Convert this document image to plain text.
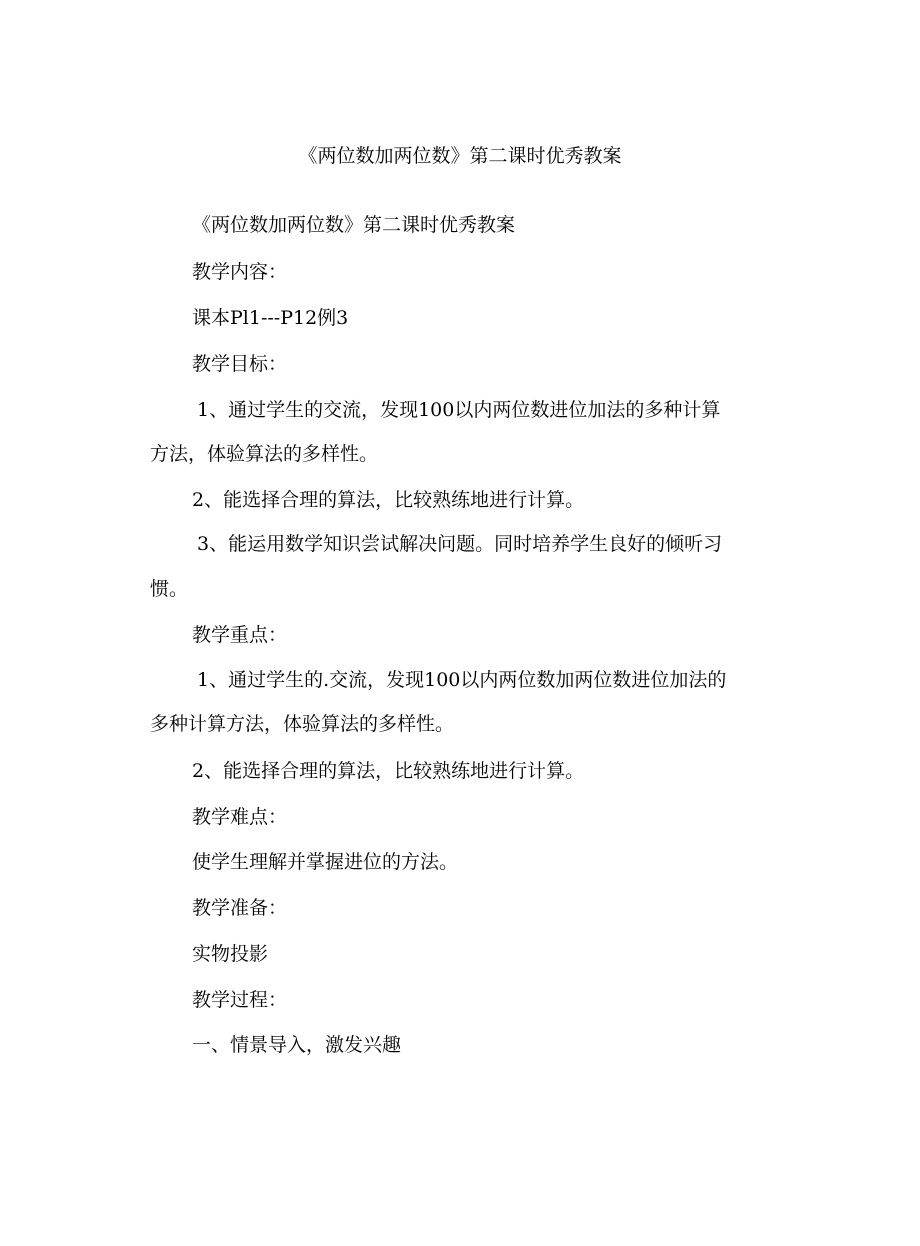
《两位数加两位数》第二课时优秀教案
《两位数加两位数》第二课时优秀教案
教学内容：
课本Pl1---P12例3
教学目标：
1、通过学生的交流，发现100以内两位数进位加法的多种计算
方法，体验算法的多样性。
2、能选择合理的算法，比较熟练地进行计算。
3、能运用数学知识尝试解决问题。同时培养学生良好的倾听习
惯。
教学重点：
1、通过学生的.交流，发现100以内两位数加两位数进位加法的
多种计算方法，体验算法的多样性。
2、能选择合理的算法，比较熟练地进行计算。
教学难点：
使学生理解并掌握进位的方法。
教学准备：
实物投影
教学过程：
一、情景导入，激发兴趣
